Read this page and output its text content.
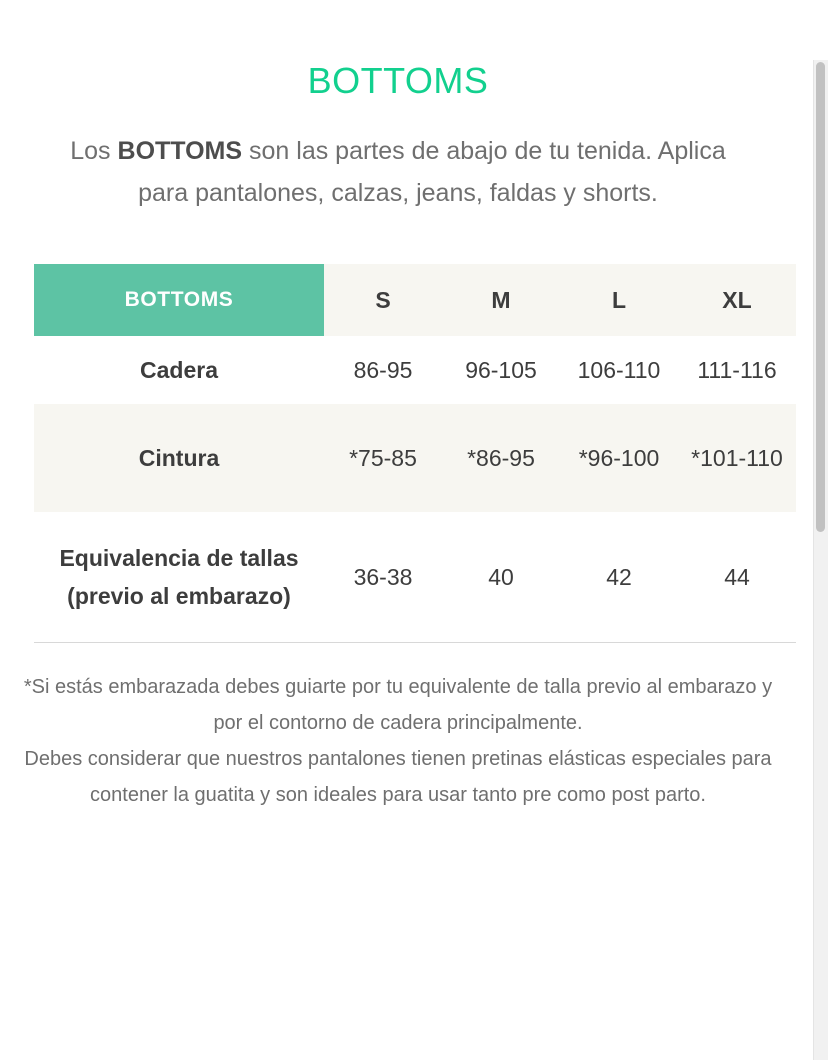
BOTTOMS

Los BOTTOMS son las partes de abajo de tu tenida. Aplica para pantalones, calzas, jeans, faldas y shorts.

BOTTOMS	S	M	L	XL
Cadera	86-95	96-105	106-110	111-116
Cintura	*75-85	*86-95	*96-100	*101-110
Equivalencia de tallas (previo al embarazo)	36-38	40	42	44

*Si estás embarazada debes guiarte por tu equivalente de talla previo al embarazo y por el contorno de cadera principalmente.

Debes considerar que nuestros pantalones tienen pretinas elásticas especiales para contener la guatita y son ideales para usar tanto pre como post parto.
